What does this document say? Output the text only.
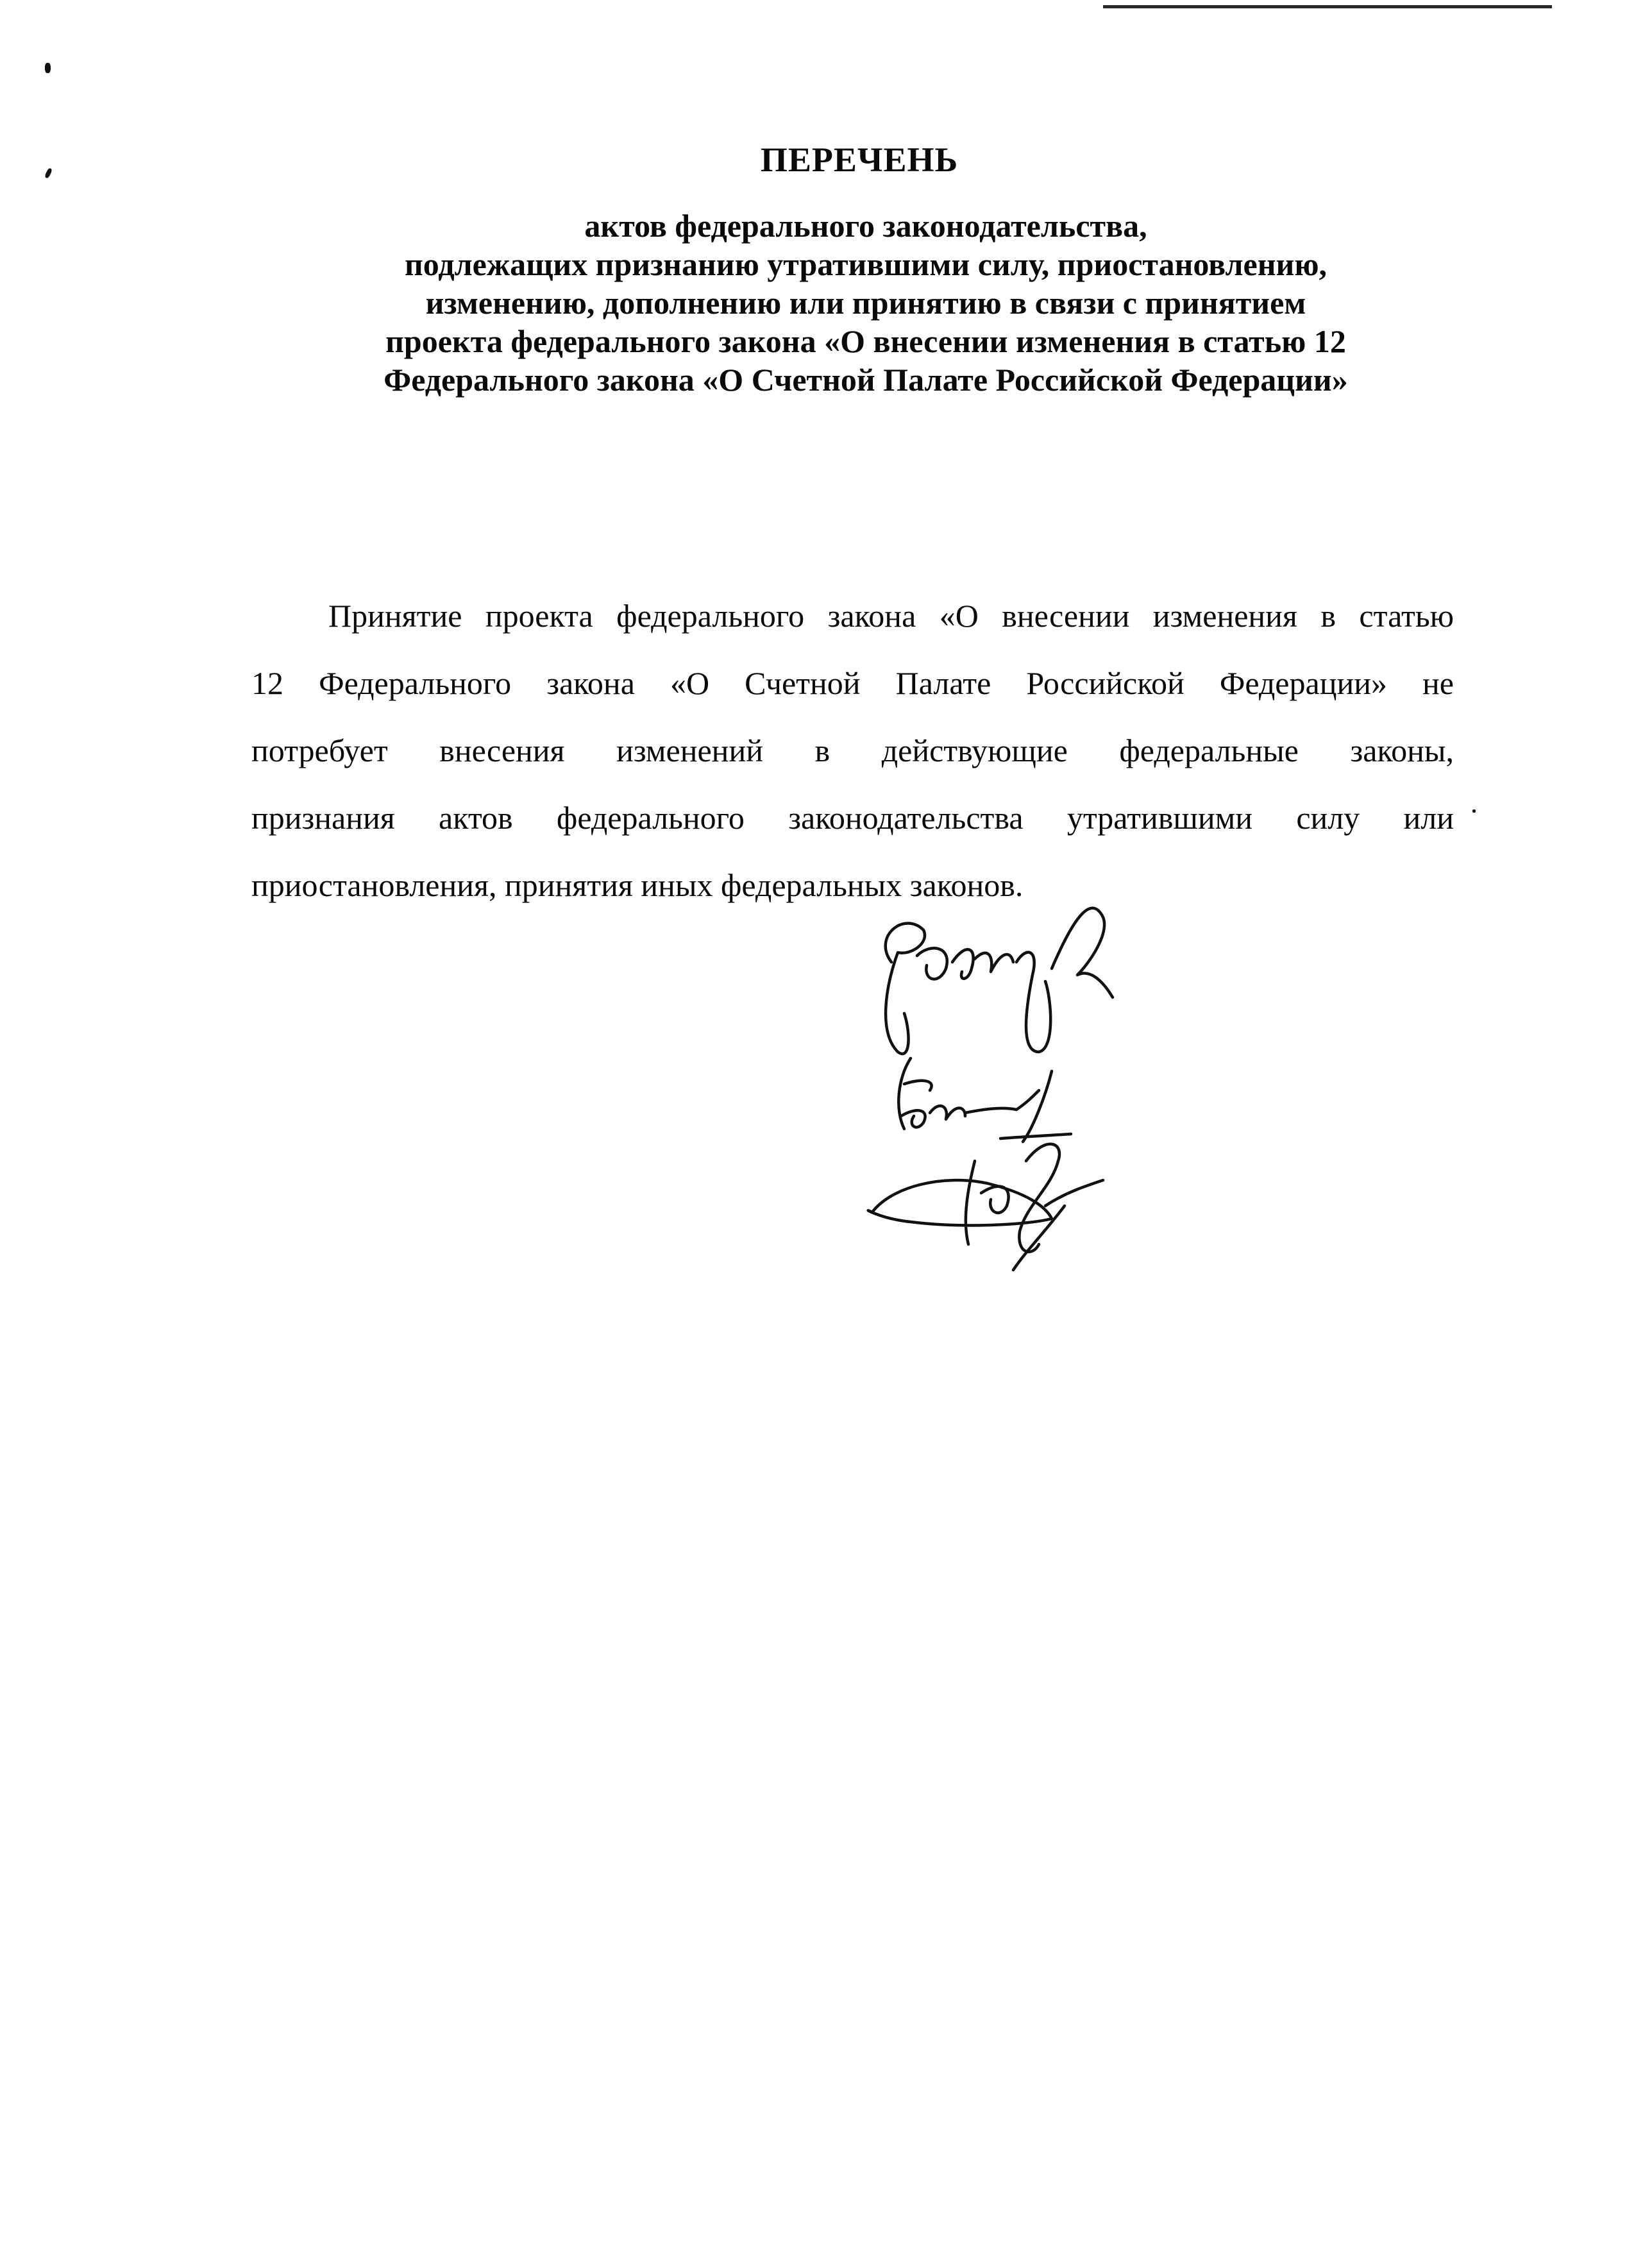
ПЕРЕЧЕНЬ
актов федерального законодательства,
подлежащих признанию утратившими силу, приостановлению,
изменению, дополнению или принятию в связи с принятием
проекта федерального закона «О внесении изменения в статью 12
Федерального закона «О Счетной Палате Российской Федерации»
Принятие проекта федерального закона «О внесении изменения в статью
12 Федерального закона «О Счетной Палате Российской Федерации» не
потребует внесения изменений в действующие федеральные законы,
признания актов федерального законодательства утратившими силу или
приостановления, принятия иных федеральных законов.
